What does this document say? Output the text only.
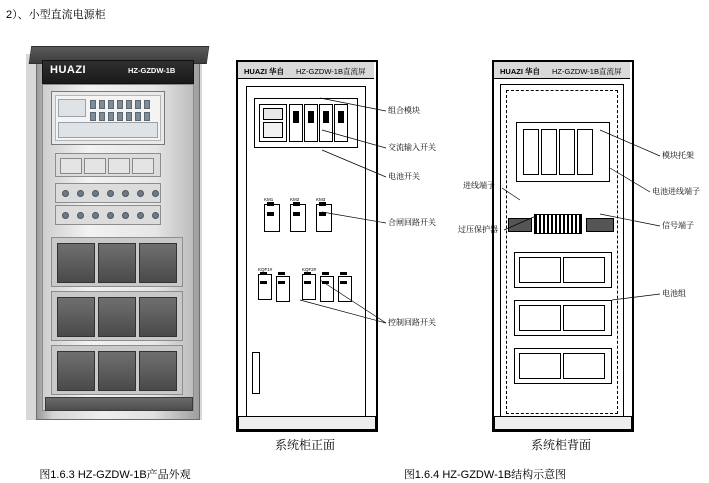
2）、小型直流电源柜
HUAZI	HZ-GZDW-1B
图1.6.3 HZ-GZDW-1B产品外观
HUAZI 华自 HZ-GZDW-1B直流屏
KM1	KM2	KM3
KQF1#	KQF2#
系统柜正面
组合模块
交流输入开关
电池开关
合闸回路开关
控制回路开关
HUAZI 华自 HZ-GZDW-1B直流屏
系统柜背面
模块托架
电池进线端子
信号端子
电池组
进线端子
过压保护器
图1.6.4 HZ-GZDW-1B结构示意图
